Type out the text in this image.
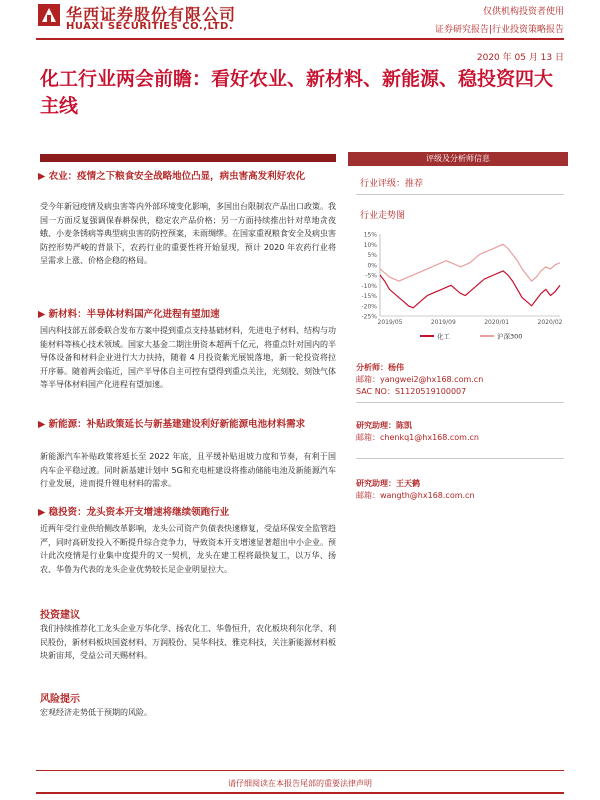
华西证券股份有限公司
HUAXI SECURITIES CO.,LTD.
仅供机构投资者使用
证券研究报告|行业投资策略报告
2020 年 05 月 13 日
化工行业两会前瞻：看好农业、新材料、新能源、稳投资四大主线
评级及分析师信息
行业评级：推荐
行业走势图
15%
10%
5%
0%
-5%
-10%
-15%
-20%
-25%
2019/05	2019/09	2020/01	2020/02
化工	沪深300
分析师：杨伟
邮箱：yangwei2@hx168.com.cn
SAC NO：S1120519100007
研究助理：陈凯
邮箱：chenkq1@hx168.com.cn
研究助理：王天鹤
邮箱：wangth@hx168.com.cn
▶ 农业：疫情之下粮食安全战略地位凸显，病虫害高发利好农化
受今年新冠疫情及病虫害等内外部环境变化影响，多国出台限制农产品出口政策。我国一方面反复强调保春耕保供，稳定农产品价格；另一方面持续推出针对草地贪夜蛾、小麦条锈病等典型病虫害的防控预案，未雨绸缪。在国家重视粮食安全及病虫害防控形势严峻的背景下，农药行业的重要性将开始显现，预计 2020 年农药行业将呈需求上涨、价格企稳的格局。
▶ 新材料：半导体材料国产化进程有望加速
国内科技部五部委联合发布方案中提到重点支持基础材料，先进电子材料、结构与功能材料等核心技术领域。国家大基金二期注册资本超两千亿元，将重点针对国内的半导体设备和材料企业进行大力扶持，随着 4 月投资紫光展锐落地，新一轮投资将拉开序幕。随着两会临近，国产半导体自主可控有望得到重点关注，光刻胶、刻蚀气体等半导体材料国产化进程有望加速。
▶ 新能源：补贴政策延长与新基建建设利好新能源电池材料需求
新能源汽车补贴政策将延长至 2022 年底，且平缓补贴退坡力度和节奏，有利于国内车企平稳过渡。同时新基建计划中 5G和充电桩建设将推动储能电池及新能源汽车行业发展，进而提升锂电材料的需求。
▶ 稳投资：龙头资本开支增速将继续领跑行业
近两年受行业供给侧改革影响，龙头公司资产负债表快速修复，受益环保安全监管趋严，同时高研发投入不断提升综合竞争力，导致资本开支增速显著超出中小企业。预计此次疫情是行业集中度提升的又一契机，龙头在建工程将最快复工，以万华、扬农、华鲁为代表的龙头企业优势较长足企业明显拉大。
投资建议
我们持续推荐化工龙头企业万华化学、扬农化工、华鲁恒升，农化板块利尔化学、利民股份，新材料板块国瓷材料、万润股份、昊华科技、雅克科技，关注新能源材料板块新宙邦，受益公司天赐材料。
风险提示
宏观经济走势低于预期的风险。
请仔细阅读在本报告尾部的重要法律声明
